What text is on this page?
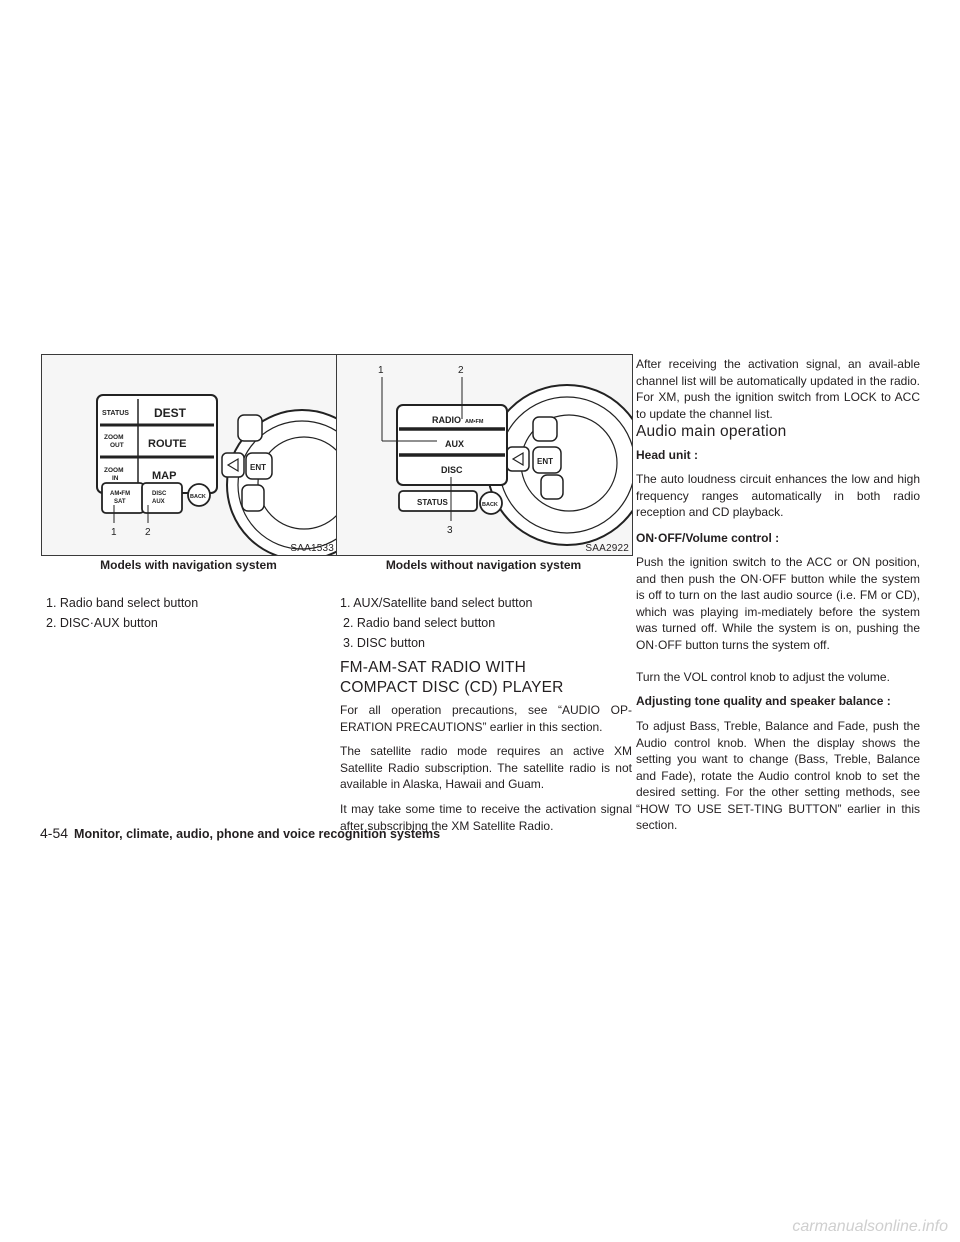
ENT
STATUS DEST
ZOOM
OUT ROUTE
ZOOM
IN	MAP
AM•FM
SAT
DISC
AUX
BACK
1	2
SAA1533
Models with navigation system
ENT
RADIO AM•FM
AUX
DISC
STATUS	BACK
1	2
3
SAA2922
Models without navigation system
1. Radio band select button
2. DISC·AUX button
1. AUX/Satellite band select button
2. Radio band select button
3. DISC button
FM-AM-SAT RADIO WITH COMPACT DISC (CD) PLAYER

For all operation precautions, see “AUDIO OP-ERATION PRECAUTIONS” earlier in this section.

The satellite radio mode requires an active XM Satellite Radio subscription. The satellite radio is not available in Alaska, Hawaii and Guam.

It may take some time to receive the activation signal after subscribing the XM Satellite Radio.

After receiving the activation signal, an avail-able channel list will be automatically updated in the radio. For XM, push the ignition switch from LOCK to ACC to update the channel list.

Audio main operation

Head unit :

The auto loudness circuit enhances the low and high frequency ranges automatically in both radio reception and CD playback.

ON·OFF/Volume control :

Push the ignition switch to the ACC or ON position, and then push the ON·OFF button while the system is off to turn on the last audio source (i.e. FM or CD), which was playing im-mediately before the system was turned off. While the system is on, pushing the ON·OFF button turns the system off.

Turn the VOL control knob to adjust the volume.

Adjusting tone quality and speaker balance :

To adjust Bass, Treble, Balance and Fade, push the Audio control knob. When the display shows the setting you want to change (Bass, Treble, Balance and Fade), rotate the Audio control knob to set the desired setting. For the other setting methods, see “HOW TO USE SET-TING BUTTON” earlier in this section.

4-54 Monitor, climate, audio, phone and voice recognition systems
carmanualsonline.info
